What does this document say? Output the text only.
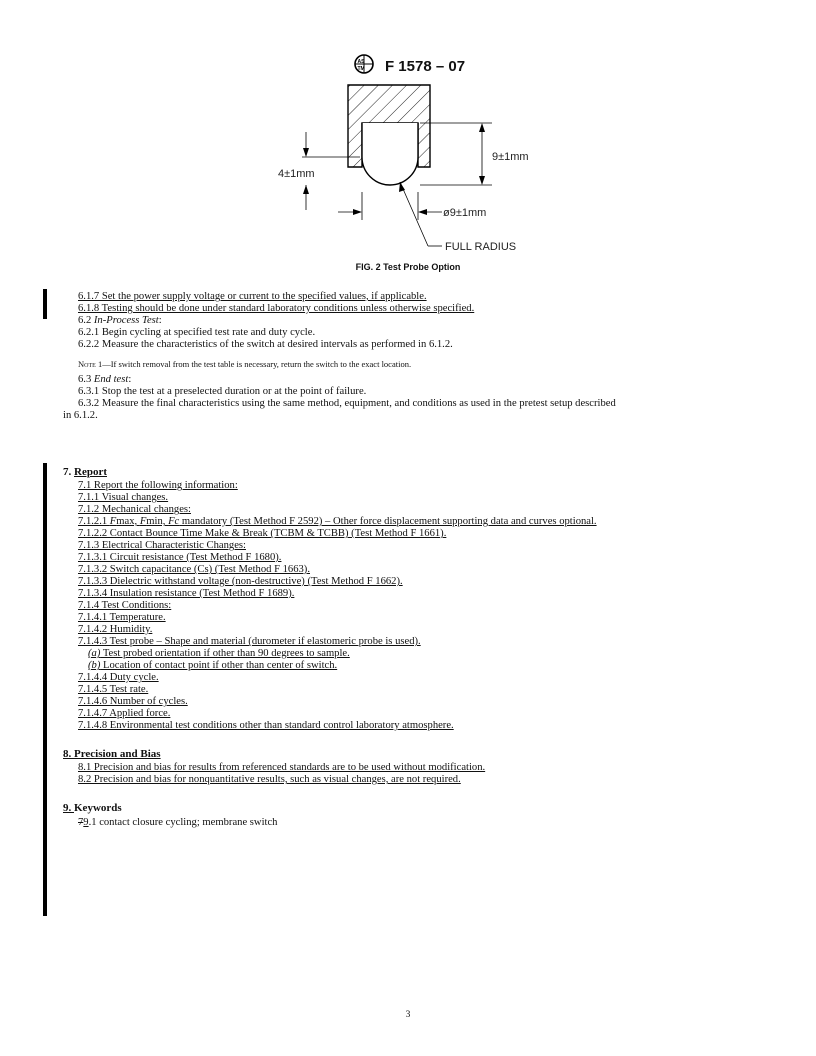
AS
TM F 1578 – 07
9±1mm
4±1mm
ø9±1mm
FULL RADIUS
FIG. 2 Test Probe Option
6.1.7 Set the power supply voltage or current to the specified values, if applicable.
6.1.8 Testing should be done under standard laboratory conditions unless otherwise specified.
6.2 In-Process Test:
6.2.1 Begin cycling at specified test rate and duty cycle.
6.2.2 Measure the characteristics of the switch at desired intervals as performed in 6.1.2.
Note 1—If switch removal from the test table is necessary, return the switch to the exact location.
6.3 End test:
6.3.1 Stop the test at a preselected duration or at the point of failure.
6.3.2 Measure the final characteristics using the same method, equipment, and conditions as used in the pretest setup described
in 6.1.2.
7. Report
7.1 Report the following information:
7.1.1 Visual changes.
7.1.2 Mechanical changes:
7.1.2.1 Fmax, Fmin, Fc mandatory (Test Method F 2592) – Other force displacement supporting data and curves optional.
7.1.2.2 Contact Bounce Time Make & Break (TCBM & TCBB) (Test Method F 1661).
7.1.3 Electrical Characteristic Changes:
7.1.3.1 Circuit resistance (Test Method F 1680).
7.1.3.2 Switch capacitance (Cs) (Test Method F 1663).
7.1.3.3 Dielectric withstand voltage (non-destructive) (Test Method F 1662).
7.1.3.4 Insulation resistance (Test Method F 1689).
7.1.4 Test Conditions:
7.1.4.1 Temperature.
7.1.4.2 Humidity.
7.1.4.3 Test probe – Shape and material (durometer if elastomeric probe is used).
(a) Test probed orientation if other than 90 degrees to sample.
(b) Location of contact point if other than center of switch.
7.1.4.4 Duty cycle.
7.1.4.5 Test rate.
7.1.4.6 Number of cycles.
7.1.4.7 Applied force.
7.1.4.8 Environmental test conditions other than standard control laboratory atmosphere.
8. Precision and Bias
8.1 Precision and bias for results from referenced standards are to be used without modification.
8.2 Precision and bias for nonquantitative results, such as visual changes, are not required.
9. Keywords
79.1 contact closure cycling; membrane switch
3
